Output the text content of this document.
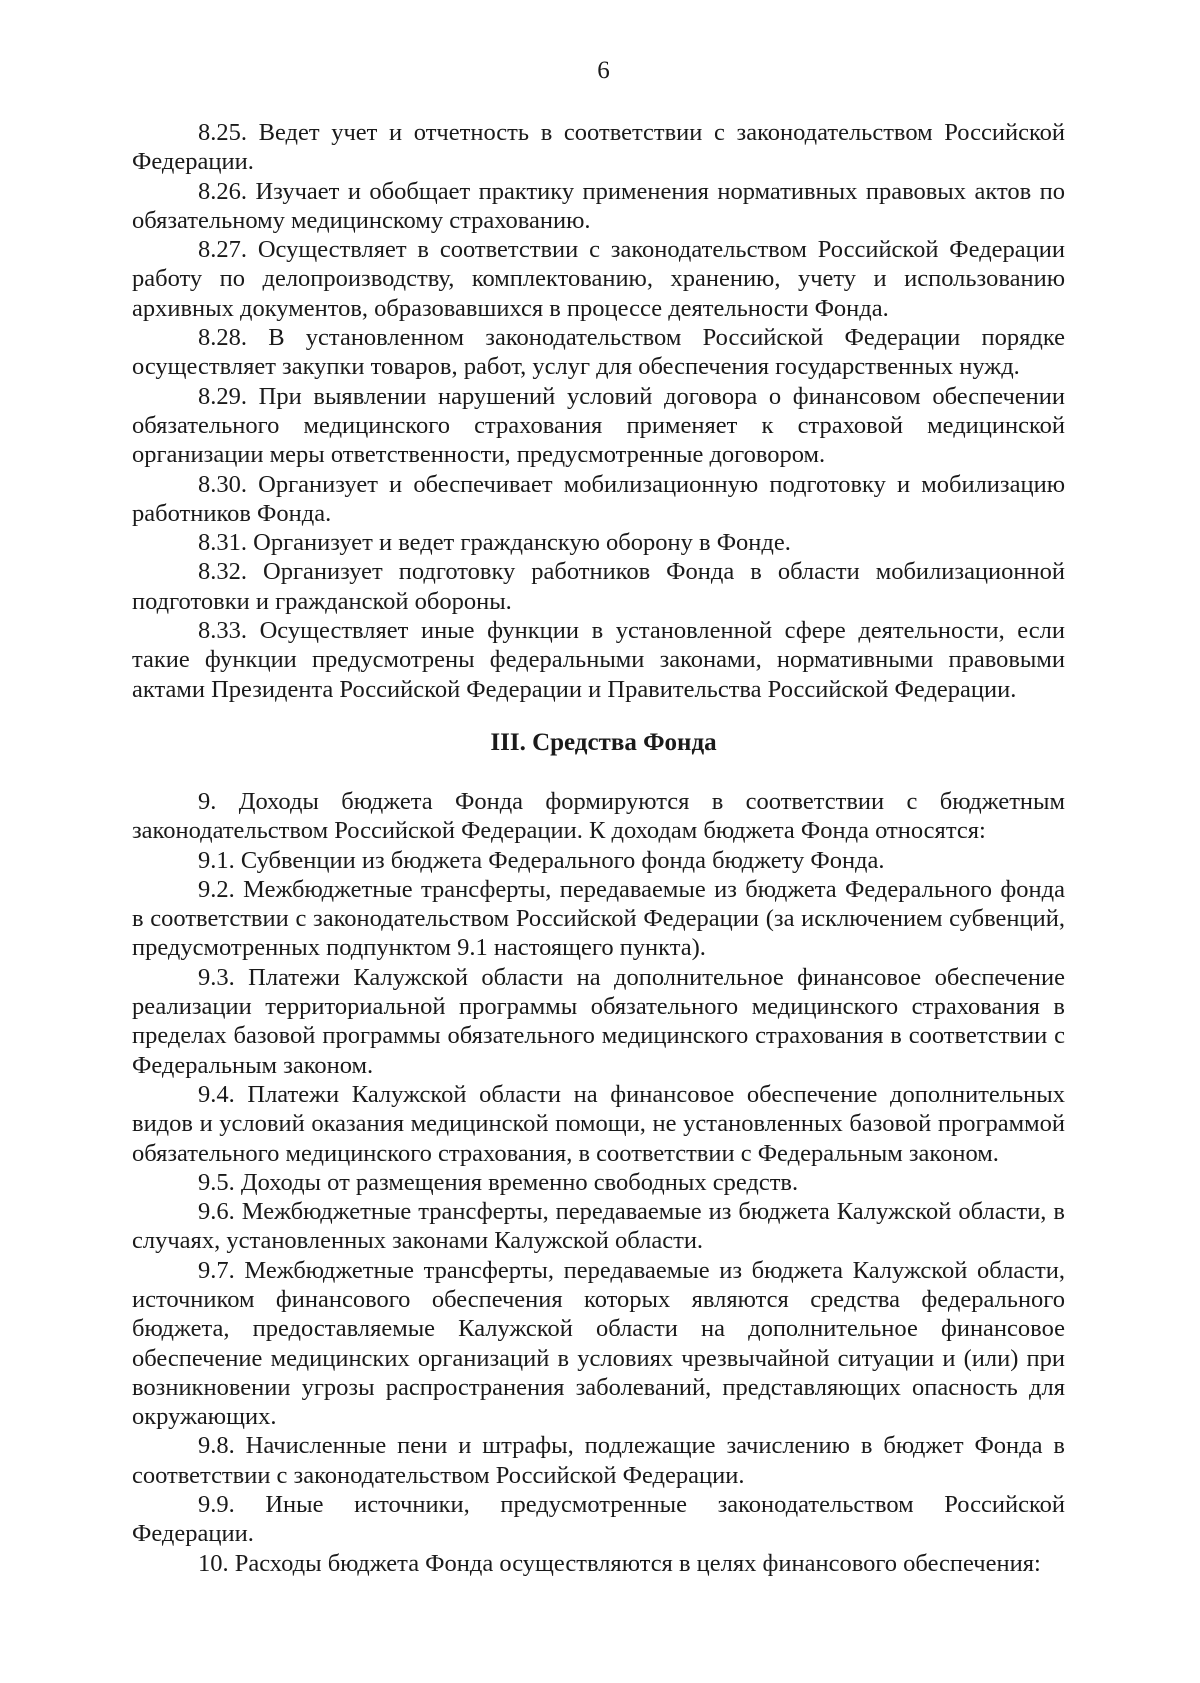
6

8.25. Ведет учет и отчетность в соответствии с законодательством Российской Федерации.

8.26. Изучает и обобщает практику применения нормативных правовых актов по обязательному медицинскому страхованию.

8.27. Осуществляет в соответствии с законодательством Российской Федерации работу по делопроизводству, комплектованию, хранению, учету и использованию архивных документов, образовавшихся в процессе деятельности Фонда.

8.28. В установленном законодательством Российской Федерации порядке осуществляет закупки товаров, работ, услуг для обеспечения государственных нужд.

8.29. При выявлении нарушений условий договора о финансовом обеспечении обязательного медицинского страхования применяет к страховой медицинской организации меры ответственности, предусмотренные договором.

8.30. Организует и обеспечивает мобилизационную подготовку и мобилизацию работников Фонда.

8.31. Организует и ведет гражданскую оборону в Фонде.

8.32. Организует подготовку работников Фонда в области мобилизационной подготовки и гражданской обороны.

8.33. Осуществляет иные функции в установленной сфере деятельности, если такие функции предусмотрены федеральными законами, нормативными правовыми актами Президента Российской Федерации и Правительства Российской Федерации.

III. Средства Фонда

9. Доходы бюджета Фонда формируются в соответствии с бюджетным законодательством Российской Федерации. К доходам бюджета Фонда относятся:

9.1. Субвенции из бюджета Федерального фонда бюджету Фонда.

9.2. Межбюджетные трансферты, передаваемые из бюджета Федерального фонда в соответствии с законодательством Российской Федерации (за исключением субвенций, предусмотренных подпунктом 9.1 настоящего пункта).

9.3. Платежи Калужской области на дополнительное финансовое обеспечение реализации территориальной программы обязательного медицинского страхования в пределах базовой программы обязательного медицинского страхования в соответствии с Федеральным законом.

9.4. Платежи Калужской области на финансовое обеспечение дополнительных видов и условий оказания медицинской помощи, не установленных базовой программой обязательного медицинского страхования, в соответствии с Федеральным законом.

9.5. Доходы от размещения временно свободных средств.

9.6. Межбюджетные трансферты, передаваемые из бюджета Калужской области, в случаях, установленных законами Калужской области.

9.7. Межбюджетные трансферты, передаваемые из бюджета Калужской области, источником финансового обеспечения которых являются средства федерального бюджета, предоставляемые Калужской области на дополнительное финансовое обеспечение медицинских организаций в условиях чрезвычайной ситуации и (или) при возникновении угрозы распространения заболеваний, представляющих опасность для окружающих.

9.8. Начисленные пени и штрафы, подлежащие зачислению в бюджет Фонда в соответствии с законодательством Российской Федерации.

9.9. Иные источники, предусмотренные законодательством Российской Федерации.

10. Расходы бюджета Фонда осуществляются в целях финансового обеспечения:
